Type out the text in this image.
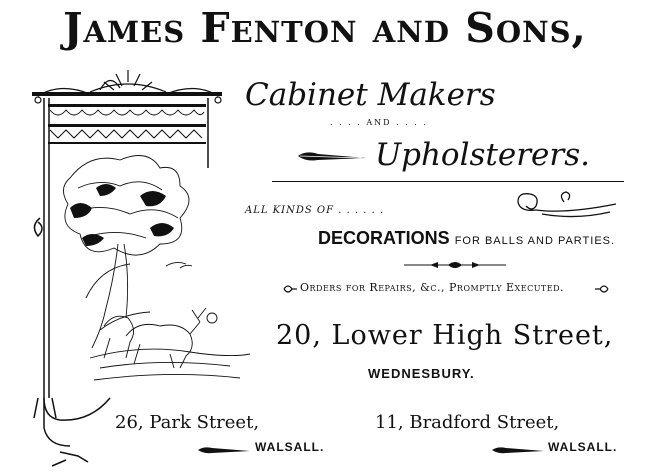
James Fenton and Sons,
Cabinet Makers
. . . . AND . . . .
Upholsterers.
ALL KINDS OF . . . . . .
DECORATIONS FOR BALLS AND PARTIES.
Orders for Repairs, &c., Promptly Executed.
20, Lower High Street,
WEDNESBURY.
26, Park Street,
WALSALL.
11, Bradford Street,
WALSALL.
